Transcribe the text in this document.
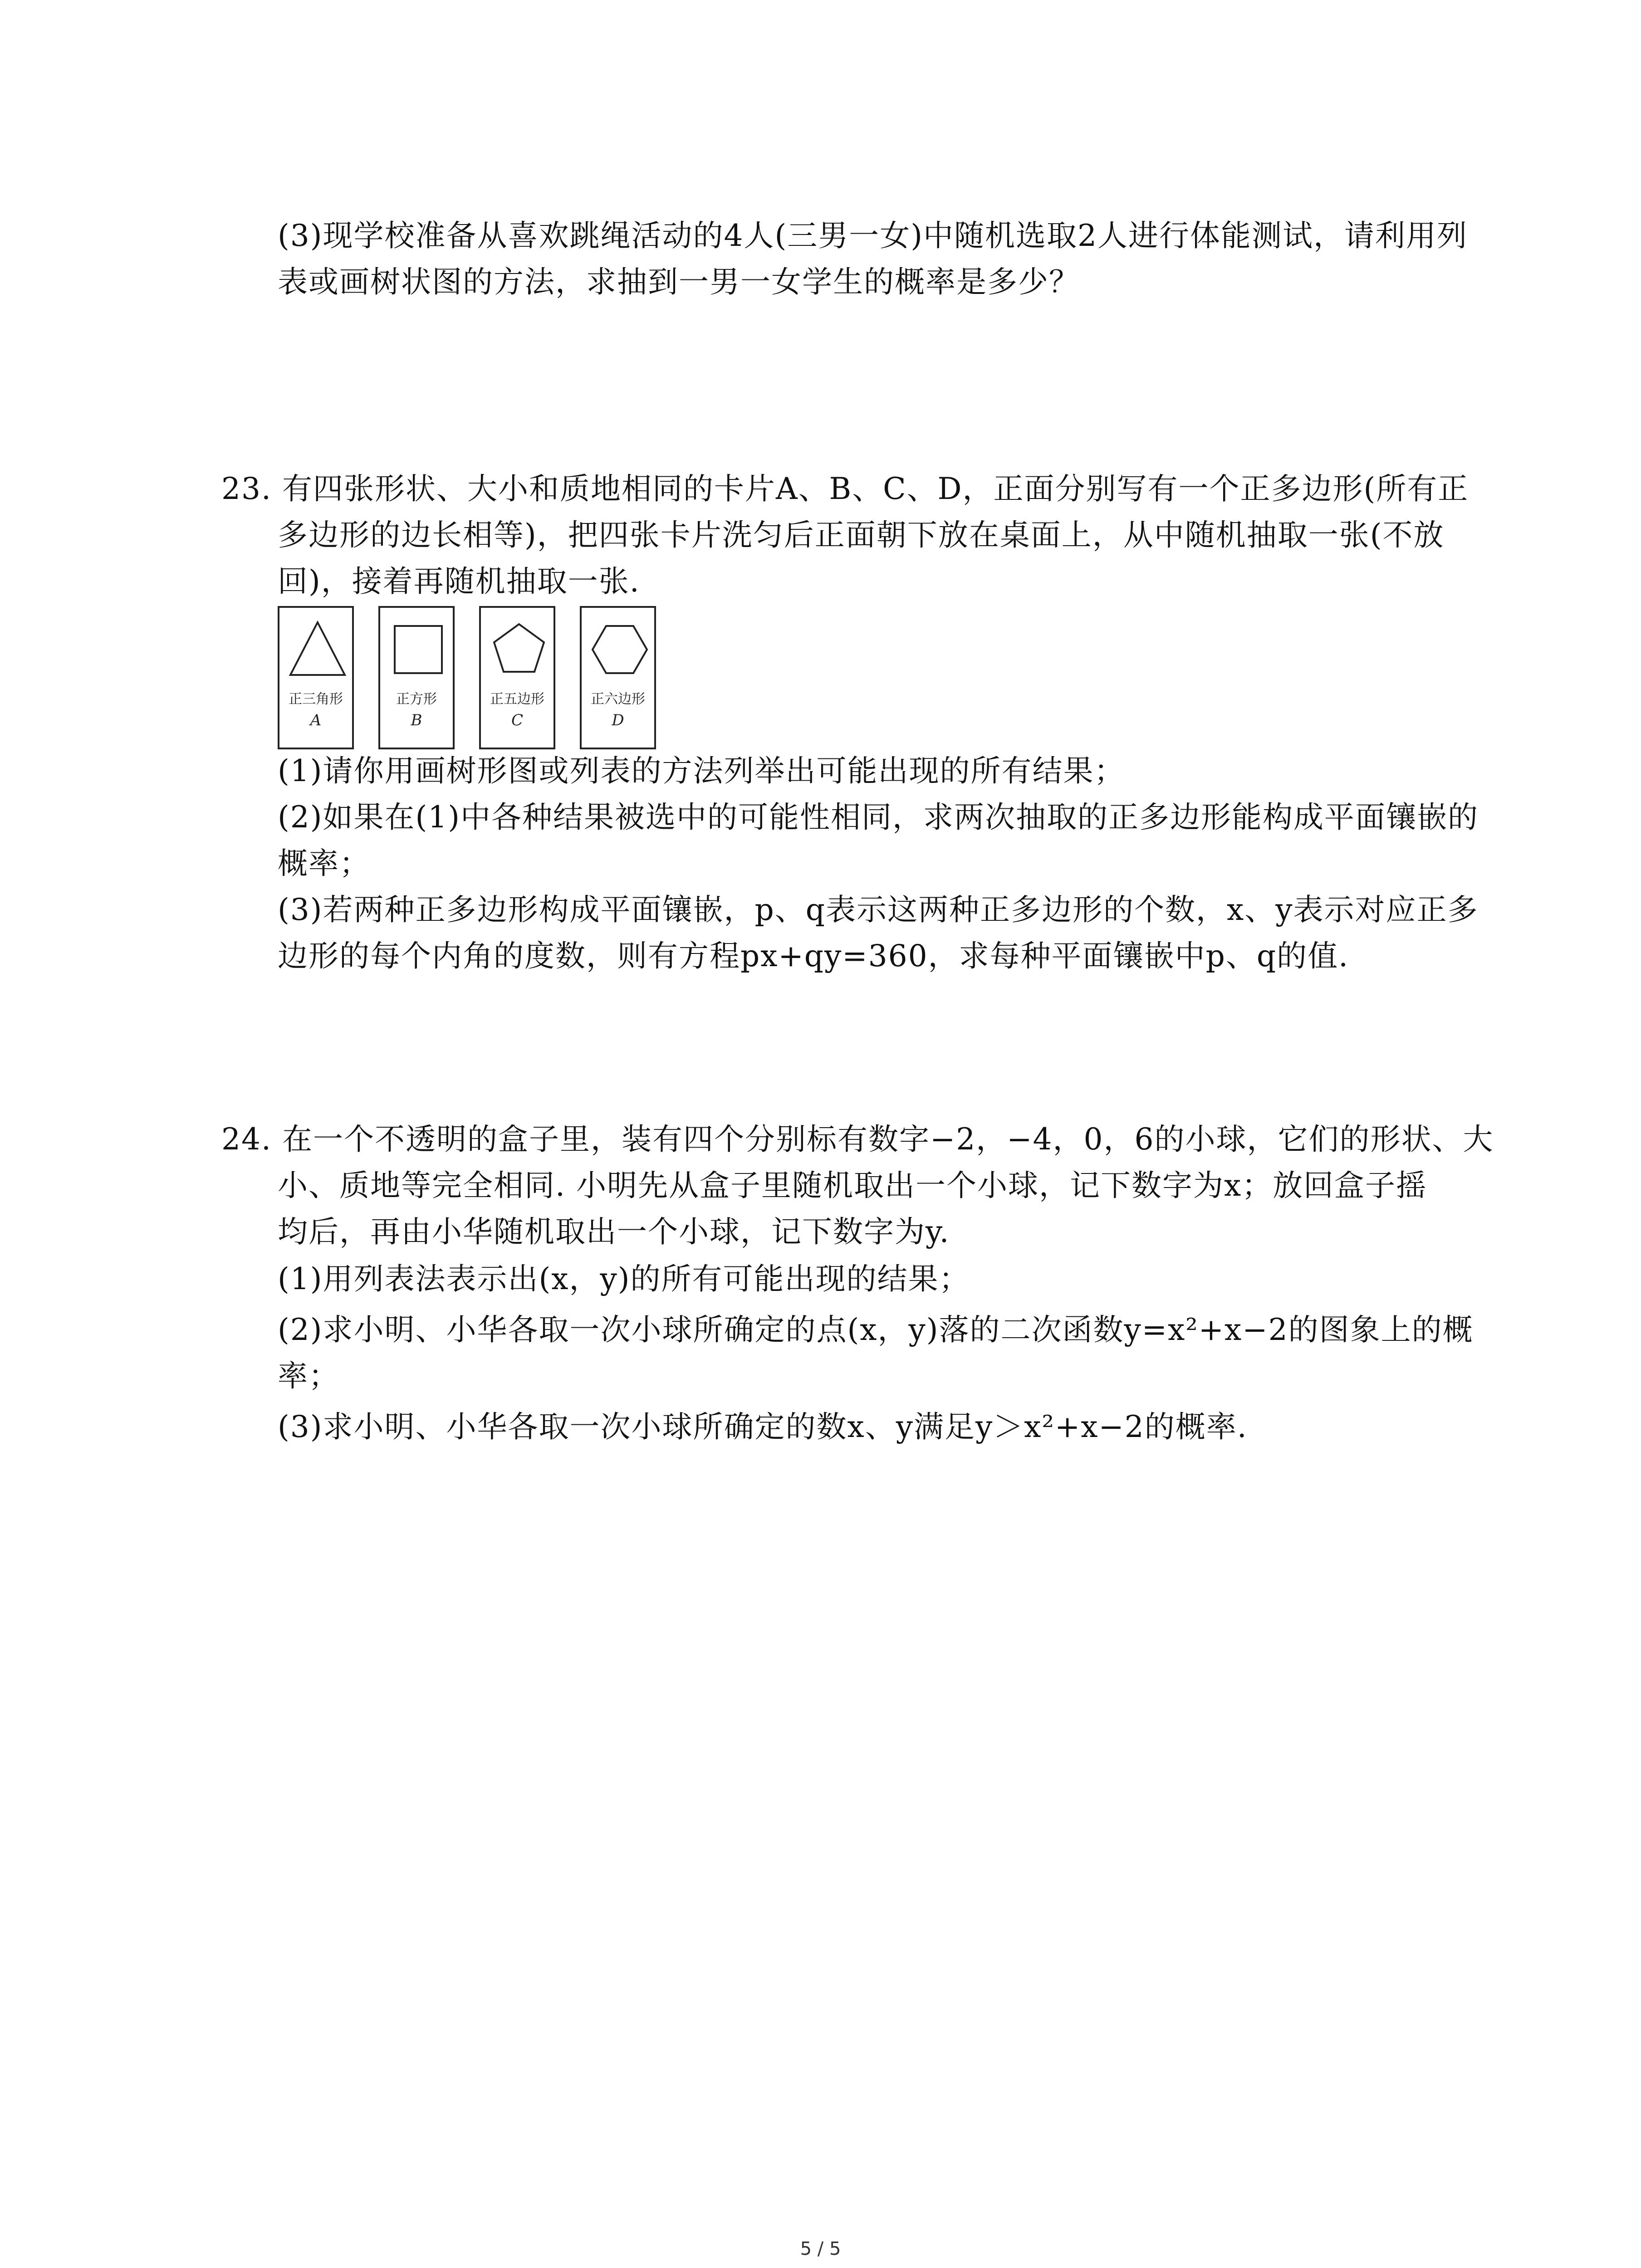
(3)现学校准备从喜欢跳绳活动的4人(三男一女)中随机选取2人进行体能测试，请利用列
表或画树状图的方法，求抽到一男一女学生的概率是多少？
23. 有四张形状、大小和质地相同的卡片A、B、C、D，正面分别写有一个正多边形(所有正
多边形的边长相等)，把四张卡片洗匀后正面朝下放在桌面上，从中随机抽取一张(不放
回)，接着再随机抽取一张.
正三角形
A
正方形
B
正五边形
C
正六边形
D
(1)请你用画树形图或列表的方法列举出可能出现的所有结果；
(2)如果在(1)中各种结果被选中的可能性相同，求两次抽取的正多边形能构成平面镶嵌的
概率；
(3)若两种正多边形构成平面镶嵌，p、q表示这两种正多边形的个数，x、y表示对应正多
边形的每个内角的度数，则有方程px+qy=360，求每种平面镶嵌中p、q的值.
24. 在一个不透明的盒子里，装有四个分别标有数字−2，−4，0，6的小球，它们的形状、大
小、质地等完全相同. 小明先从盒子里随机取出一个小球，记下数字为x；放回盒子摇
均后，再由小华随机取出一个小球，记下数字为y.
(1)用列表法表示出(x，y)的所有可能出现的结果；
(2)求小明、小华各取一次小球所确定的点(x，y)落的二次函数y=x²+x−2的图象上的概
率；
(3)求小明、小华各取一次小球所确定的数x、y满足y＞x²+x−2的概率.
5 / 5
